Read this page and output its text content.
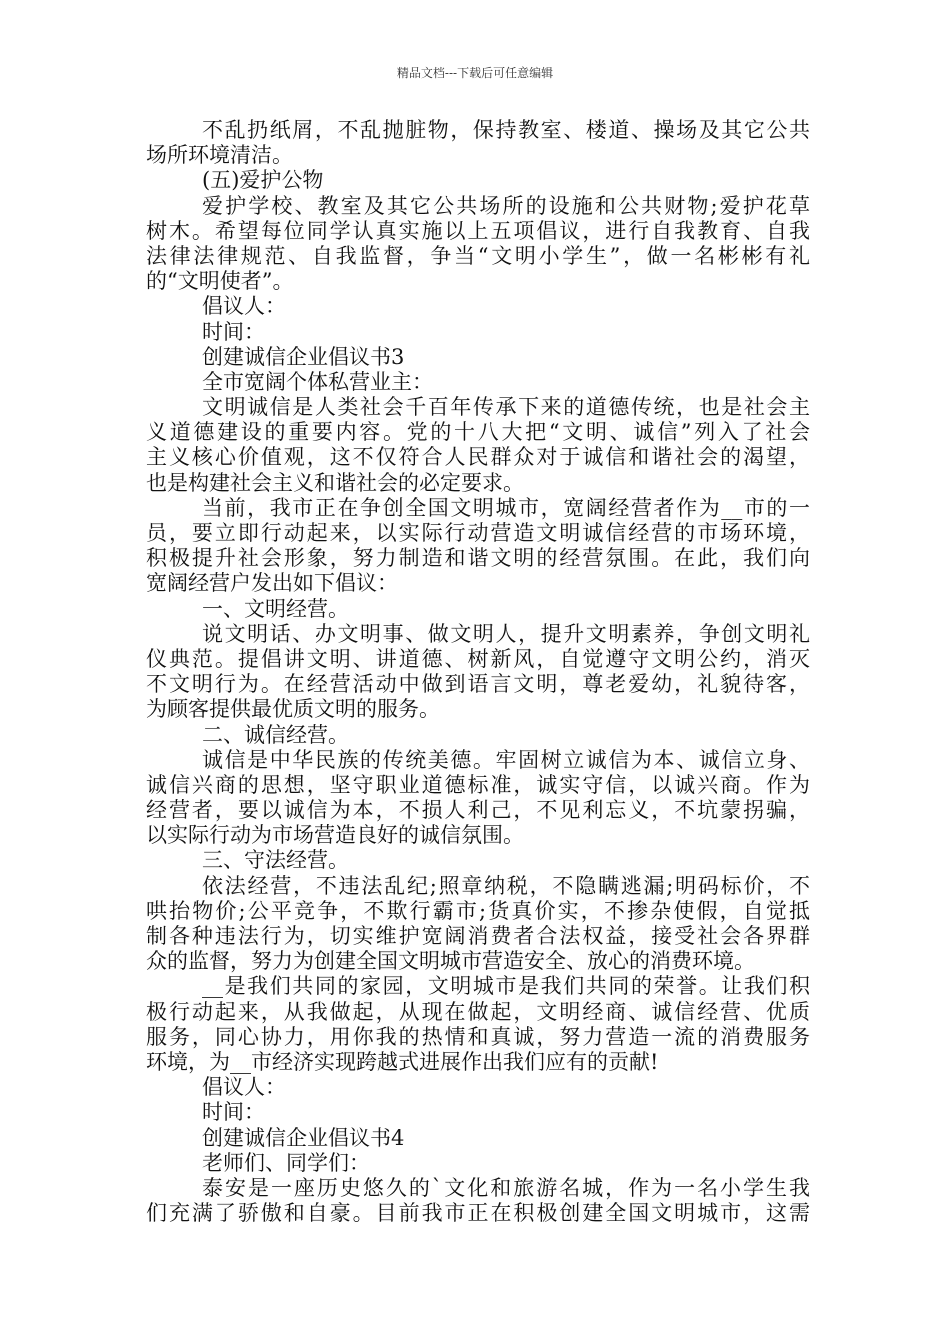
精品文档---下载后可任意编辑
不乱扔纸屑，不乱抛脏物，保持教室、楼道、操场及其它公共
场所环境清洁。
(五)爱护公物
爱护学校、教室及其它公共场所的设施和公共财物;爱护花草
树木。希望每位同学认真实施以上五项倡议，进行自我教育、自我
法律法律规范、自我监督，争当“文明小学生”，做一名彬彬有礼
的“文明使者”。
倡议人：
时间：
创建诚信企业倡议书3
全市宽阔个体私营业主：
文明诚信是人类社会千百年传承下来的道德传统，也是社会主
义道德建设的重要内容。党的十八大把“文明、诚信”列入了社会
主义核心价值观，这不仅符合人民群众对于诚信和谐社会的渴望，
也是构建社会主义和谐社会的必定要求。
当前，我市正在争创全国文明城市，宽阔经营者作为__市的一
员，要立即行动起来，以实际行动营造文明诚信经营的市场环境，
积极提升社会形象，努力制造和谐文明的经营氛围。在此，我们向
宽阔经营户发出如下倡议：
一、文明经营。
说文明话、办文明事、做文明人，提升文明素养，争创文明礼
仪典范。提倡讲文明、讲道德、树新风，自觉遵守文明公约，消灭
不文明行为。在经营活动中做到语言文明，尊老爱幼，礼貌待客，
为顾客提供最优质文明的服务。
二、诚信经营。
诚信是中华民族的传统美德。牢固树立诚信为本、诚信立身、
诚信兴商的思想，坚守职业道德标准，诚实守信，以诚兴商。作为
经营者，要以诚信为本，不损人利己，不见利忘义，不坑蒙拐骗，
以实际行动为市场营造良好的诚信氛围。
三、守法经营。
依法经营，不违法乱纪;照章纳税，不隐瞒逃漏;明码标价，不
哄抬物价;公平竞争，不欺行霸市;货真价实，不掺杂使假，自觉抵
制各种违法行为，切实维护宽阔消费者合法权益，接受社会各界群
众的监督，努力为创建全国文明城市营造安全、放心的消费环境。
__是我们共同的家园，文明城市是我们共同的荣誉。让我们积
极行动起来，从我做起，从现在做起，文明经商、诚信经营、优质
服务，同心协力，用你我的热情和真诚，努力营造一流的消费服务
环境，为__市经济实现跨越式进展作出我们应有的贡献!
倡议人：
时间：
创建诚信企业倡议书4
老师们、同学们：
泰安是一座历史悠久的`文化和旅游名城，作为一名小学生我
们充满了骄傲和自豪。目前我市正在积极创建全国文明城市，这需
